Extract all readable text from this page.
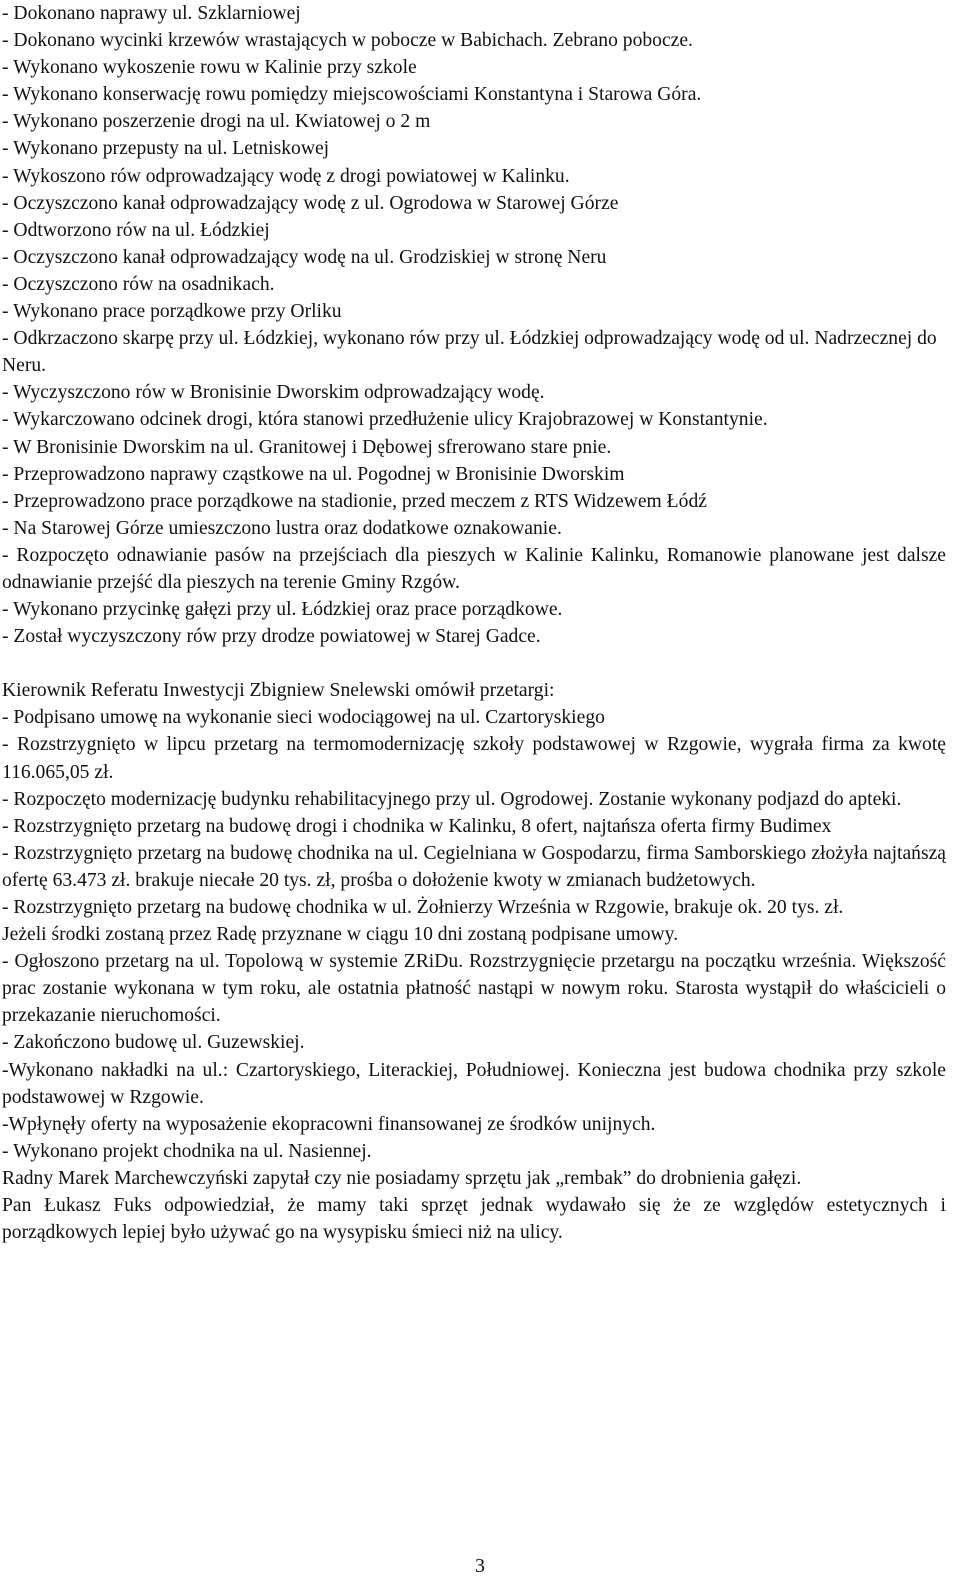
- Dokonano naprawy ul. Szklarniowej

- Dokonano wycinki krzewów wrastających w pobocze w Babichach. Zebrano pobocze.

- Wykonano wykoszenie rowu w Kalinie przy szkole

- Wykonano konserwację rowu pomiędzy miejscowościami Konstantyna i Starowa Góra.

- Wykonano poszerzenie drogi na ul. Kwiatowej o 2 m

- Wykonano przepusty na ul. Letniskowej

- Wykoszono rów odprowadzający wodę z drogi powiatowej w Kalinku.

- Oczyszczono kanał odprowadzający wodę z ul. Ogrodowa w Starowej Górze

- Odtworzono rów na ul. Łódzkiej

- Oczyszczono kanał odprowadzający wodę na ul. Grodziskiej w stronę Neru

- Oczyszczono rów na osadnikach.

- Wykonano prace porządkowe przy Orliku

- Odkrzaczono skarpę przy ul. Łódzkiej, wykonano rów przy ul. Łódzkiej odprowadzający wodę od ul. Nadrzecznej do Neru.

- Wyczyszczono rów w Bronisinie Dworskim odprowadzający wodę.

- Wykarczowano odcinek drogi, która stanowi przedłużenie ulicy Krajobrazowej w Konstantynie.

- W Bronisinie Dworskim na ul. Granitowej i Dębowej sfrerowano stare pnie.

- Przeprowadzono naprawy cząstkowe na ul. Pogodnej w Bronisinie Dworskim

- Przeprowadzono prace porządkowe na stadionie, przed meczem z RTS Widzewem Łódź

- Na Starowej Górze umieszczono lustra oraz dodatkowe oznakowanie.

- Rozpoczęto odnawianie pasów na przejściach dla pieszych w Kalinie Kalinku, Romanowie planowane jest dalsze odnawianie przejść dla pieszych na terenie Gminy Rzgów.

- Wykonano przycinkę gałęzi przy ul. Łódzkiej oraz prace porządkowe.

- Został wyczyszczony rów przy drodze powiatowej w Starej Gadce.

Kierownik Referatu Inwestycji Zbigniew Snelewski omówił przetargi:

- Podpisano umowę na wykonanie sieci wodociągowej na ul. Czartoryskiego

- Rozstrzygnięto w lipcu przetarg na termomodernizację szkoły podstawowej w Rzgowie, wygrała firma za kwotę 116.065,05 zł.

- Rozpoczęto modernizację budynku rehabilitacyjnego przy ul. Ogrodowej. Zostanie wykonany podjazd do apteki.

- Rozstrzygnięto przetarg na budowę drogi i chodnika w Kalinku, 8 ofert, najtańsza oferta firmy Budimex

- Rozstrzygnięto przetarg na budowę chodnika na ul. Cegielniana w Gospodarzu, firma Samborskiego złożyła najtańszą ofertę 63.473 zł. brakuje niecałe 20 tys. zł, prośba o dołożenie kwoty w zmianach budżetowych.

- Rozstrzygnięto przetarg na budowę chodnika w ul. Żołnierzy Września w Rzgowie, brakuje ok. 20 tys. zł.

Jeżeli środki zostaną przez Radę przyznane w ciągu 10 dni zostaną podpisane umowy.

- Ogłoszono przetarg na ul. Topolową w systemie ZRiDu. Rozstrzygnięcie przetargu na początku września. Większość prac zostanie wykonana w tym roku, ale ostatnia płatność nastąpi w nowym roku. Starosta wystąpił do właścicieli o przekazanie nieruchomości.

- Zakończono budowę ul. Guzewskiej.

-Wykonano nakładki na ul.: Czartoryskiego, Literackiej, Południowej. Konieczna jest budowa chodnika przy szkole podstawowej w Rzgowie.

-Wpłynęły oferty na wyposażenie ekopracowni finansowanej ze środków unijnych.

- Wykonano projekt chodnika na ul. Nasiennej.

Radny Marek Marchewczyński zapytał czy nie posiadamy sprzętu jak „rembak” do drobnienia gałęzi.

Pan Łukasz Fuks odpowiedział, że mamy taki sprzęt jednak wydawało się że ze względów estetycznych i porządkowych lepiej było używać go na wysypisku śmieci niż na ulicy.

3
